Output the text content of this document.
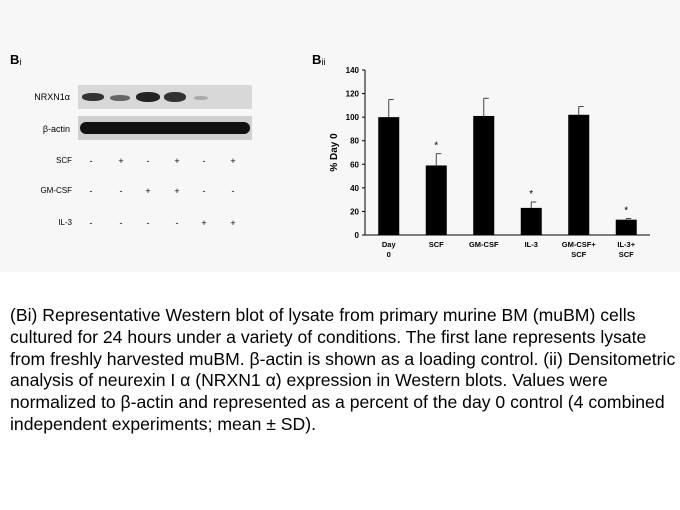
$B_i$
NRXN1α
β-actin
SCF	-	+	-	+	-	+
GM-CSF	-	-	+	+	-	-
IL-3	-	-	-	-	+	+
$B_{ii}$
0
20
40
60
80
100
120
140
% Day 0
Day
0
*
SCF	GM-CSF
*
IL-3	GM-CSF+
SCF
*
IL-3+
SCF
(Bi) Representative Western blot of lysate from primary murine BM (muBM) cells cultured for 24 hours under a variety of conditions. The first lane represents lysate from freshly harvested muBM. β-actin is shown as a loading control. (ii) Densitometric analysis of neurexin I α (NRXN1 α) expression in Western blots. Values were normalized to β-actin and represented as a percent of the day 0 control (4 combined independent experiments; mean ± SD).
